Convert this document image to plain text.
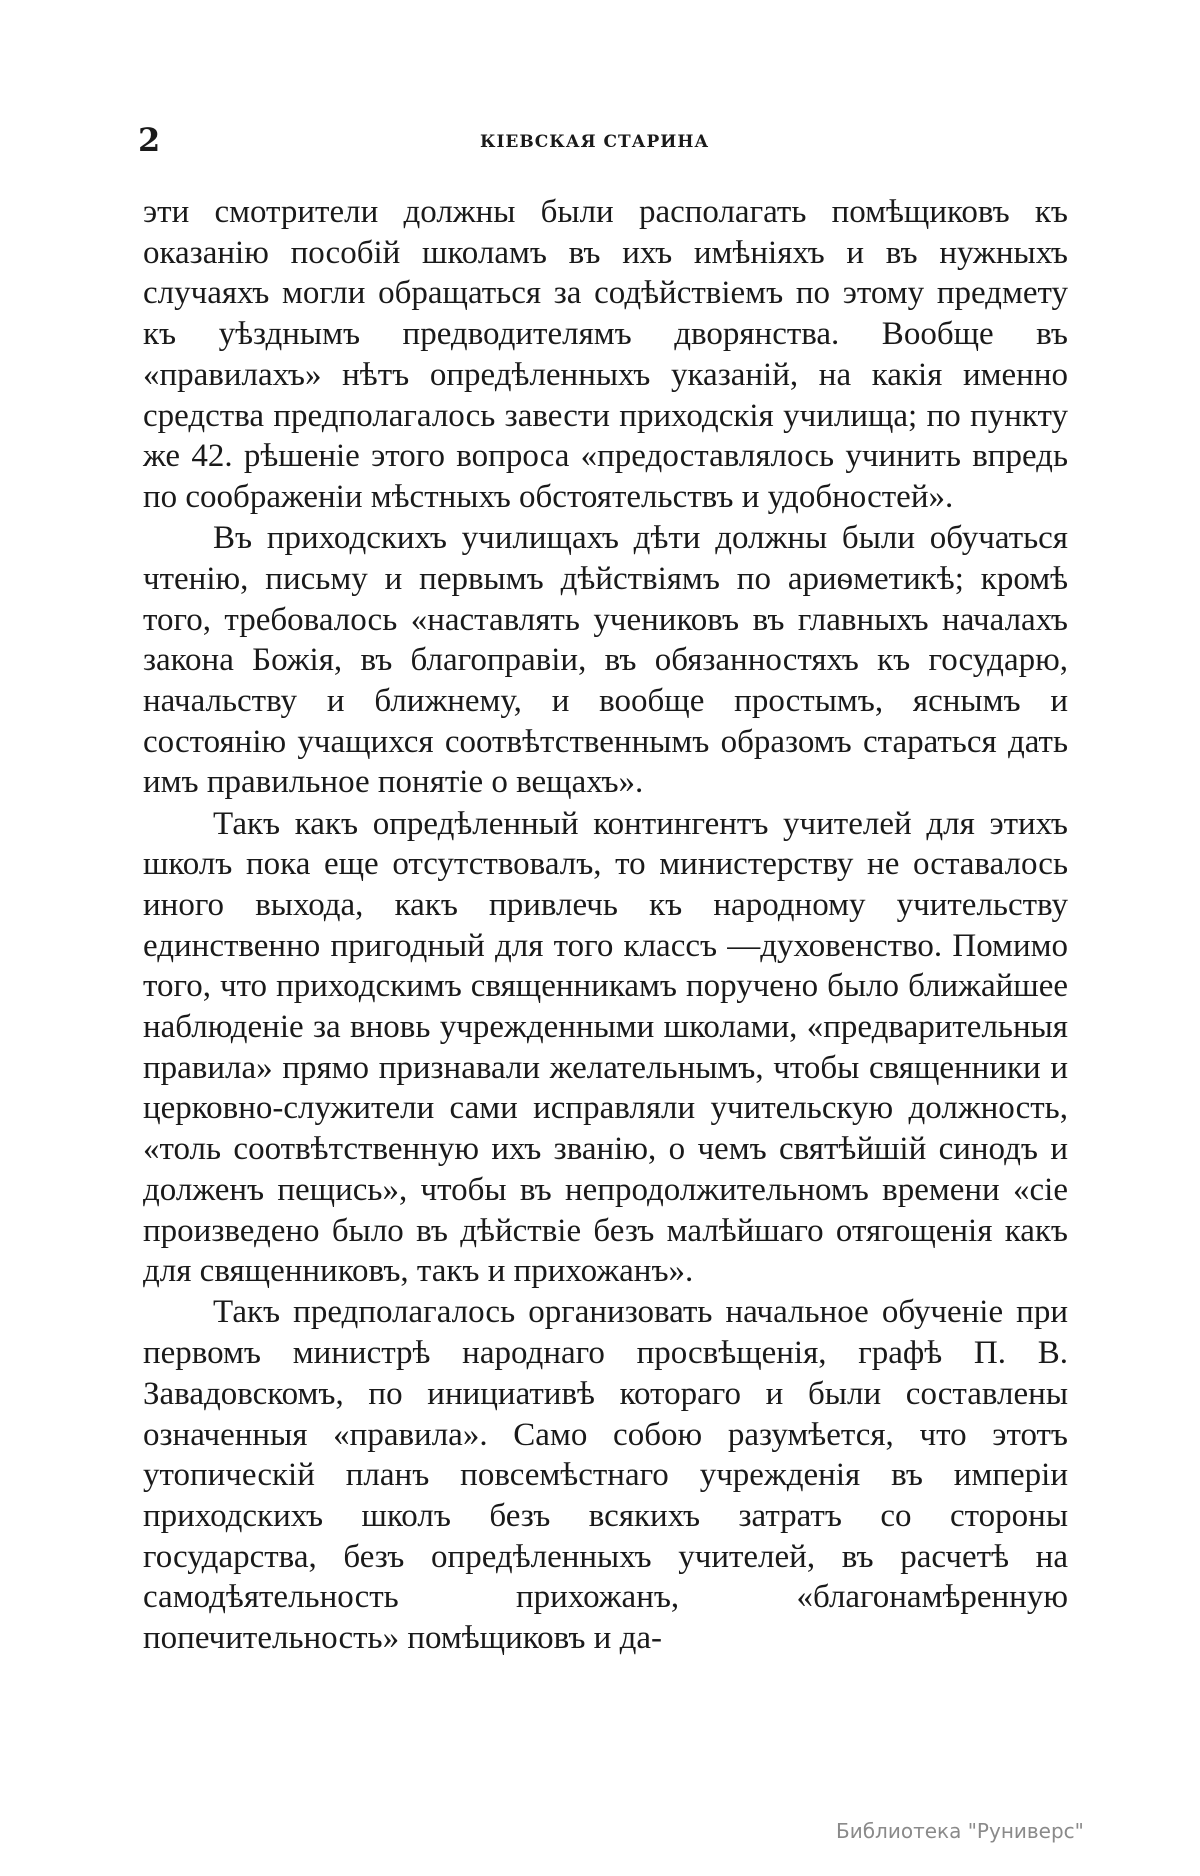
2	КIЕВСКАЯ СТАРИНА

эти смотрители должны были располагать помѣщиковъ къ оказанiю пособiй школамъ въ ихъ имѣнiяхъ и въ нужныхъ случаяхъ могли обращаться за содѣйствiемъ по этому предмету къ уѣзднымъ предводителямъ дворянства. Вообще въ «правилахъ» нѣтъ опредѣленныхъ указанiй, на какiя именно средства предполагалось завести приходскiя училища; по пункту же 42. рѣшенiе этого вопроса «предоставлялось учинить впредь по соображенiи мѣстныхъ обстоятельствъ и удобностей».

Въ приходскихъ училищахъ дѣти должны были обучаться чтенiю, письму и первымъ дѣйствiямъ по ариѳметикѣ; кромѣ того, требовалось «наставлять учениковъ въ главныхъ началахъ закона Божiя, въ благоправiи, въ обязанностяхъ къ государю, начальству и ближнему, и вообще простымъ, яснымъ и состоянiю учащихся соотвѣтственнымъ образомъ стараться дать имъ правильное понятiе о вещахъ».

Такъ какъ опредѣленный контингентъ учителей для этихъ школъ пока еще отсутствовалъ, то министерству не оставалось иного выхода, какъ привлечь къ народному учительству единственно пригодный для того классъ —духовенство. Помимо того, что приходскимъ священникамъ поручено было ближайшее наблюденiе за вновь учрежденными школами, «предварительныя правила» прямо признавали желательнымъ, чтобы священники и церковно-служители сами исправляли учительскую должность, «толь соотвѣтственную ихъ званiю, о чемъ святѣйшiй синодъ и долженъ пещись», чтобы въ непродолжительномъ времени «сiе произведено было въ дѣйствiе безъ малѣйшаго отягощенiя какъ для священниковъ, такъ и прихожанъ».

Такъ предполагалось организовать начальное обученiе при первомъ министрѣ народнаго просвѣщенiя, графѣ П. В. Завадовскомъ, по инициативѣ котораго и были составлены означенныя «правила». Само собою разумѣется, что этотъ утопическiй планъ повсемѣстнаго учрежденiя въ имперiи приходскихъ школъ безъ всякихъ затратъ со стороны государства, безъ опредѣленныхъ учителей, въ расчетѣ на самодѣятельность прихожанъ, «благонамѣренную попечительность» помѣщиковъ и да-

Библиотека "Руниверс"
